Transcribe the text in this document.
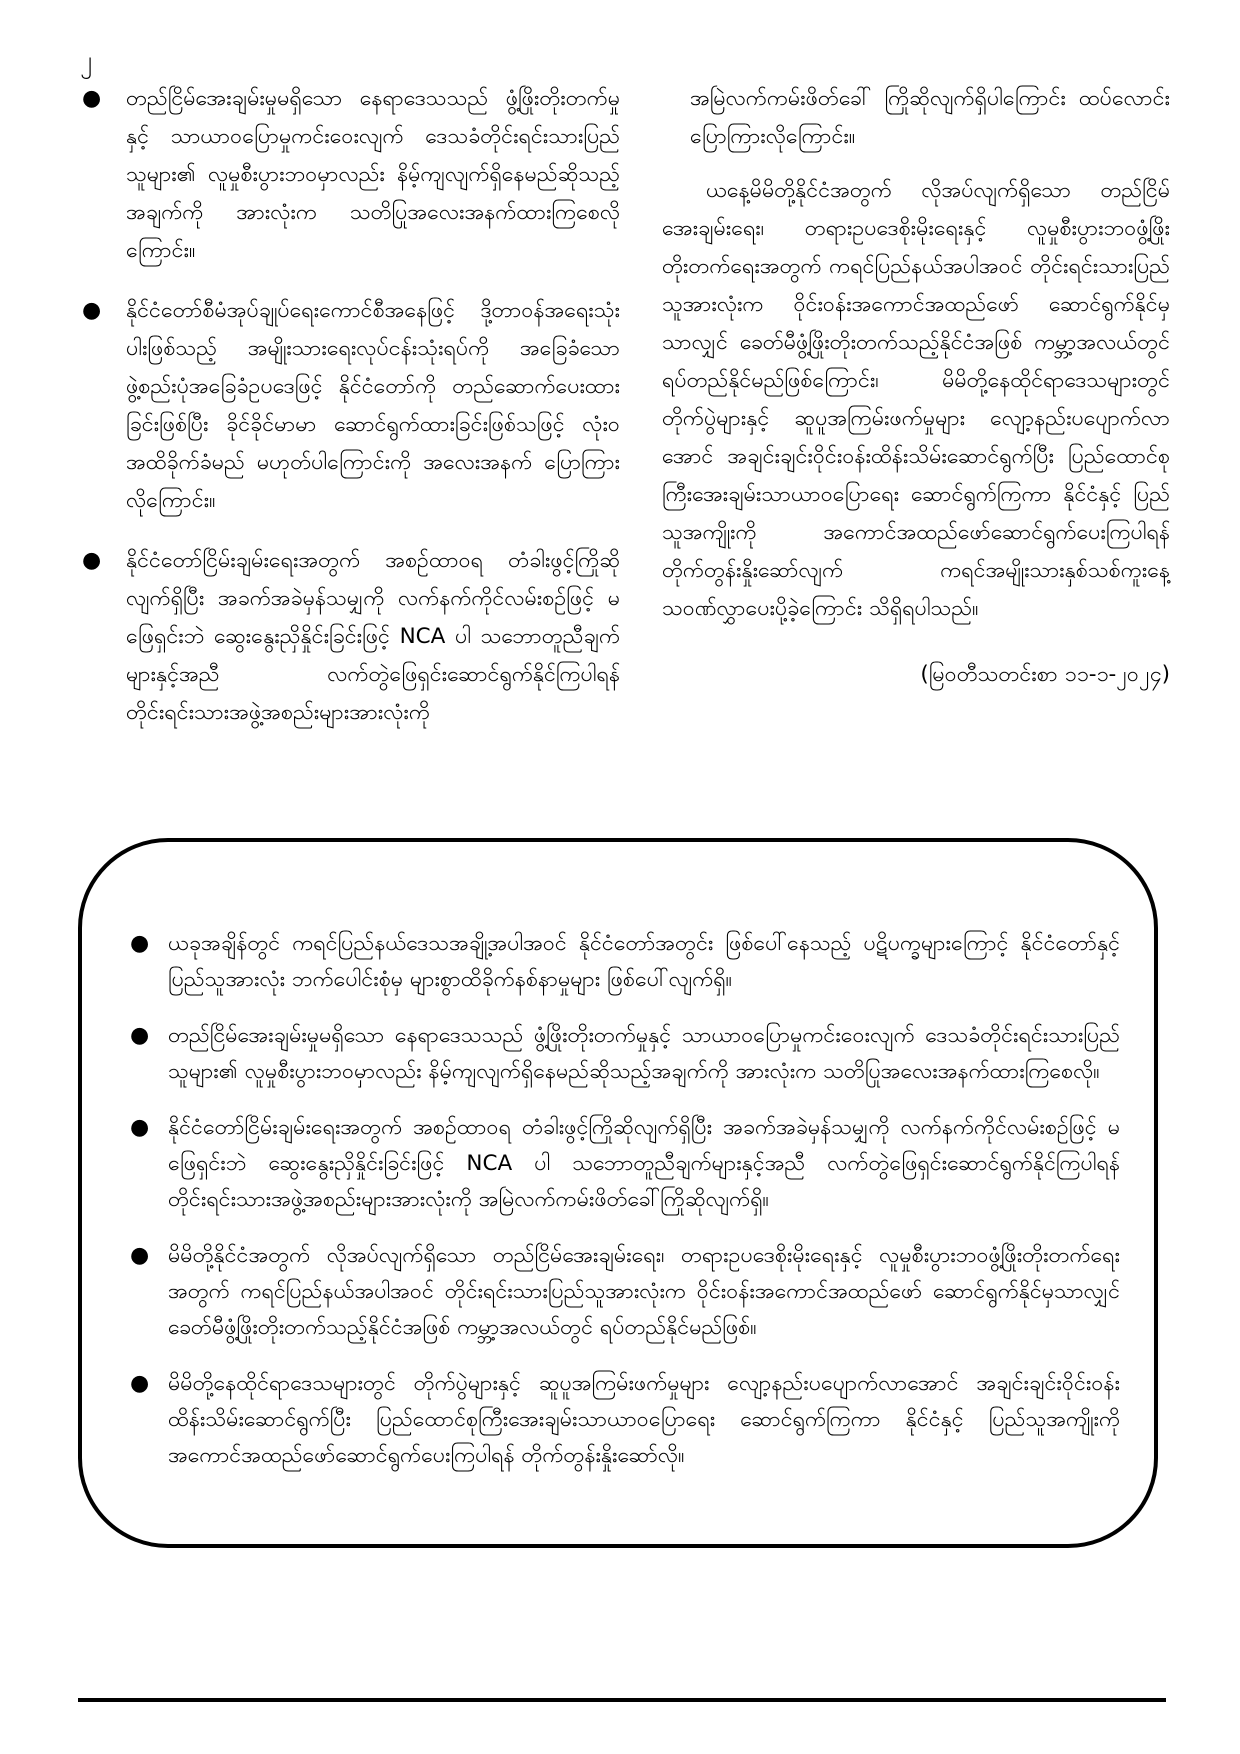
၂
● တည်ငြိမ်အေးချမ်းမှုမရှိသော နေရာဒေသသည် ဖွံ့ဖြိုးတိုးတက်မှုနှင့် သာယာဝပြောမှုကင်းဝေးလျက် ဒေသခံတိုင်းရင်းသားပြည်သူများ၏ လူမှုစီးပွားဘဝမှာလည်း နိမ့်ကျလျက်ရှိနေမည်ဆိုသည့်အချက်ကို အားလုံးက သတိပြုအလေးအနက်ထားကြစေလိုကြောင်း။
● နိုင်ငံတော်စီမံအုပ်ချုပ်ရေးကောင်စီအနေဖြင့် ဒို့တာဝန်အရေးသုံးပါးဖြစ်သည့် အမျိုးသားရေးလုပ်ငန်းသုံးရပ်ကို အခြေခံသော ဖွဲ့စည်းပုံအခြေခံဥပဒေဖြင့် နိုင်ငံတော်ကို တည်ဆောက်ပေးထားခြင်းဖြစ်ပြီး ခိုင်ခိုင်မာမာ ဆောင်ရွက်ထားခြင်းဖြစ်သဖြင့် လုံးဝအထိခိုက်ခံမည် မဟုတ်ပါကြောင်းကို အလေးအနက် ပြောကြားလိုကြောင်း။
● နိုင်ငံတော်ငြိမ်းချမ်းရေးအတွက် အစဉ်ထာဝရ တံခါးဖွင့်ကြိုဆိုလျက်ရှိပြီး အခက်အခဲမှန်သမျှကို လက်နက်ကိုင်လမ်းစဉ်ဖြင့် မဖြေရှင်းဘဲ ဆွေးနွေးညှိနှိုင်းခြင်းဖြင့် NCA ပါ သဘောတူညီချက်များနှင့်အညီ လက်တွဲဖြေရှင်းဆောင်ရွက်နိုင်ကြပါရန် တိုင်းရင်းသားအဖွဲ့အစည်းများအားလုံးကို

အမြဲလက်ကမ်းဖိတ်ခေါ် ကြိုဆိုလျက်ရှိပါကြောင်း ထပ်လောင်းပြောကြားလိုကြောင်း။

ယနေ့မိမိတို့နိုင်ငံအတွက် လိုအပ်လျက်ရှိသော တည်ငြိမ်အေးချမ်းရေး၊ တရားဥပဒေစိုးမိုးရေးနှင့် လူမှုစီးပွားဘဝဖွံ့ဖြိုးတိုးတက်ရေးအတွက် ကရင်ပြည်နယ်အပါအဝင် တိုင်းရင်းသားပြည်သူအားလုံးက ဝိုင်းဝန်းအကောင်အထည်ဖော် ဆောင်ရွက်နိုင်မှသာလျှင် ခေတ်မီဖွံ့ဖြိုးတိုးတက်သည့်နိုင်ငံအဖြစ် ကမ္ဘာ့အလယ်တွင် ရပ်တည်နိုင်မည်ဖြစ်ကြောင်း၊ မိမိတို့နေထိုင်ရာဒေသများတွင် တိုက်ပွဲများနှင့် ဆူပူအကြမ်းဖက်မှုများ လျော့နည်းပပျောက်လာအောင် အချင်းချင်းဝိုင်းဝန်းထိန်းသိမ်းဆောင်ရွက်ပြီး ပြည်ထောင်စုကြီးအေးချမ်းသာယာဝပြောရေး ဆောင်ရွက်ကြကာ နိုင်ငံနှင့် ပြည်သူအကျိုးကို အကောင်အထည်ဖော်ဆောင်ရွက်ပေးကြပါရန် တိုက်တွန်းနှိုးဆော်လျက် ကရင်အမျိုးသားနှစ်သစ်ကူးနေ့ သဝဏ်လွှာပေးပို့ခဲ့ကြောင်း သိရှိရပါသည်။

(မြဝတီသတင်းစာ ၁၁-၁-၂၀၂၄)
● ယခုအချိန်တွင် ကရင်ပြည်နယ်ဒေသအချို့အပါအဝင် နိုင်ငံတော်အတွင်း ဖြစ်ပေါ်နေသည့် ပဋိပက္ခများကြောင့် နိုင်ငံတော်နှင့် ပြည်သူအားလုံး ဘက်ပေါင်းစုံမှ များစွာထိခိုက်နစ်နာမှုများ ဖြစ်ပေါ်လျက်ရှိ။
● တည်ငြိမ်အေးချမ်းမှုမရှိသော နေရာဒေသသည် ဖွံ့ဖြိုးတိုးတက်မှုနှင့် သာယာဝပြောမှုကင်းဝေးလျက် ဒေသခံတိုင်းရင်းသားပြည်သူများ၏ လူမှုစီးပွားဘဝမှာလည်း နိမ့်ကျလျက်ရှိနေမည်ဆိုသည့်အချက်ကို အားလုံးက သတိပြုအလေးအနက်ထားကြစေလို။
● နိုင်ငံတော်ငြိမ်းချမ်းရေးအတွက် အစဉ်ထာဝရ တံခါးဖွင့်ကြိုဆိုလျက်ရှိပြီး အခက်အခဲမှန်သမျှကို လက်နက်ကိုင်လမ်းစဉ်ဖြင့် မဖြေရှင်းဘဲ ဆွေးနွေးညှိနှိုင်းခြင်းဖြင့် NCA ပါ သဘောတူညီချက်များနှင့်အညီ လက်တွဲဖြေရှင်းဆောင်ရွက်နိုင်ကြပါရန် တိုင်းရင်းသားအဖွဲ့အစည်းများအားလုံးကို အမြဲလက်ကမ်းဖိတ်ခေါ်ကြိုဆိုလျက်ရှိ။
● မိမိတို့နိုင်ငံအတွက် လိုအပ်လျက်ရှိသော တည်ငြိမ်အေးချမ်းရေး၊ တရားဥပဒေစိုးမိုးရေးနှင့် လူမှုစီးပွားဘဝဖွံ့ဖြိုးတိုးတက်ရေးအတွက် ကရင်ပြည်နယ်အပါအဝင် တိုင်းရင်းသားပြည်သူအားလုံးက ဝိုင်းဝန်းအကောင်အထည်ဖော် ဆောင်ရွက်နိုင်မှသာလျှင် ခေတ်မီဖွံ့ဖြိုးတိုးတက်သည့်နိုင်ငံအဖြစ် ကမ္ဘာ့အလယ်တွင် ရပ်တည်နိုင်မည်ဖြစ်။
● မိမိတို့နေထိုင်ရာဒေသများတွင် တိုက်ပွဲများနှင့် ဆူပူအကြမ်းဖက်မှုများ လျော့နည်းပပျောက်လာအောင် အချင်းချင်းဝိုင်းဝန်းထိန်းသိမ်းဆောင်ရွက်ပြီး ပြည်ထောင်စုကြီးအေးချမ်းသာယာဝပြောရေး ဆောင်ရွက်ကြကာ နိုင်ငံနှင့် ပြည်သူအကျိုးကို အကောင်အထည်ဖော်ဆောင်ရွက်ပေးကြပါရန် တိုက်တွန်းနှိုးဆော်လို။
